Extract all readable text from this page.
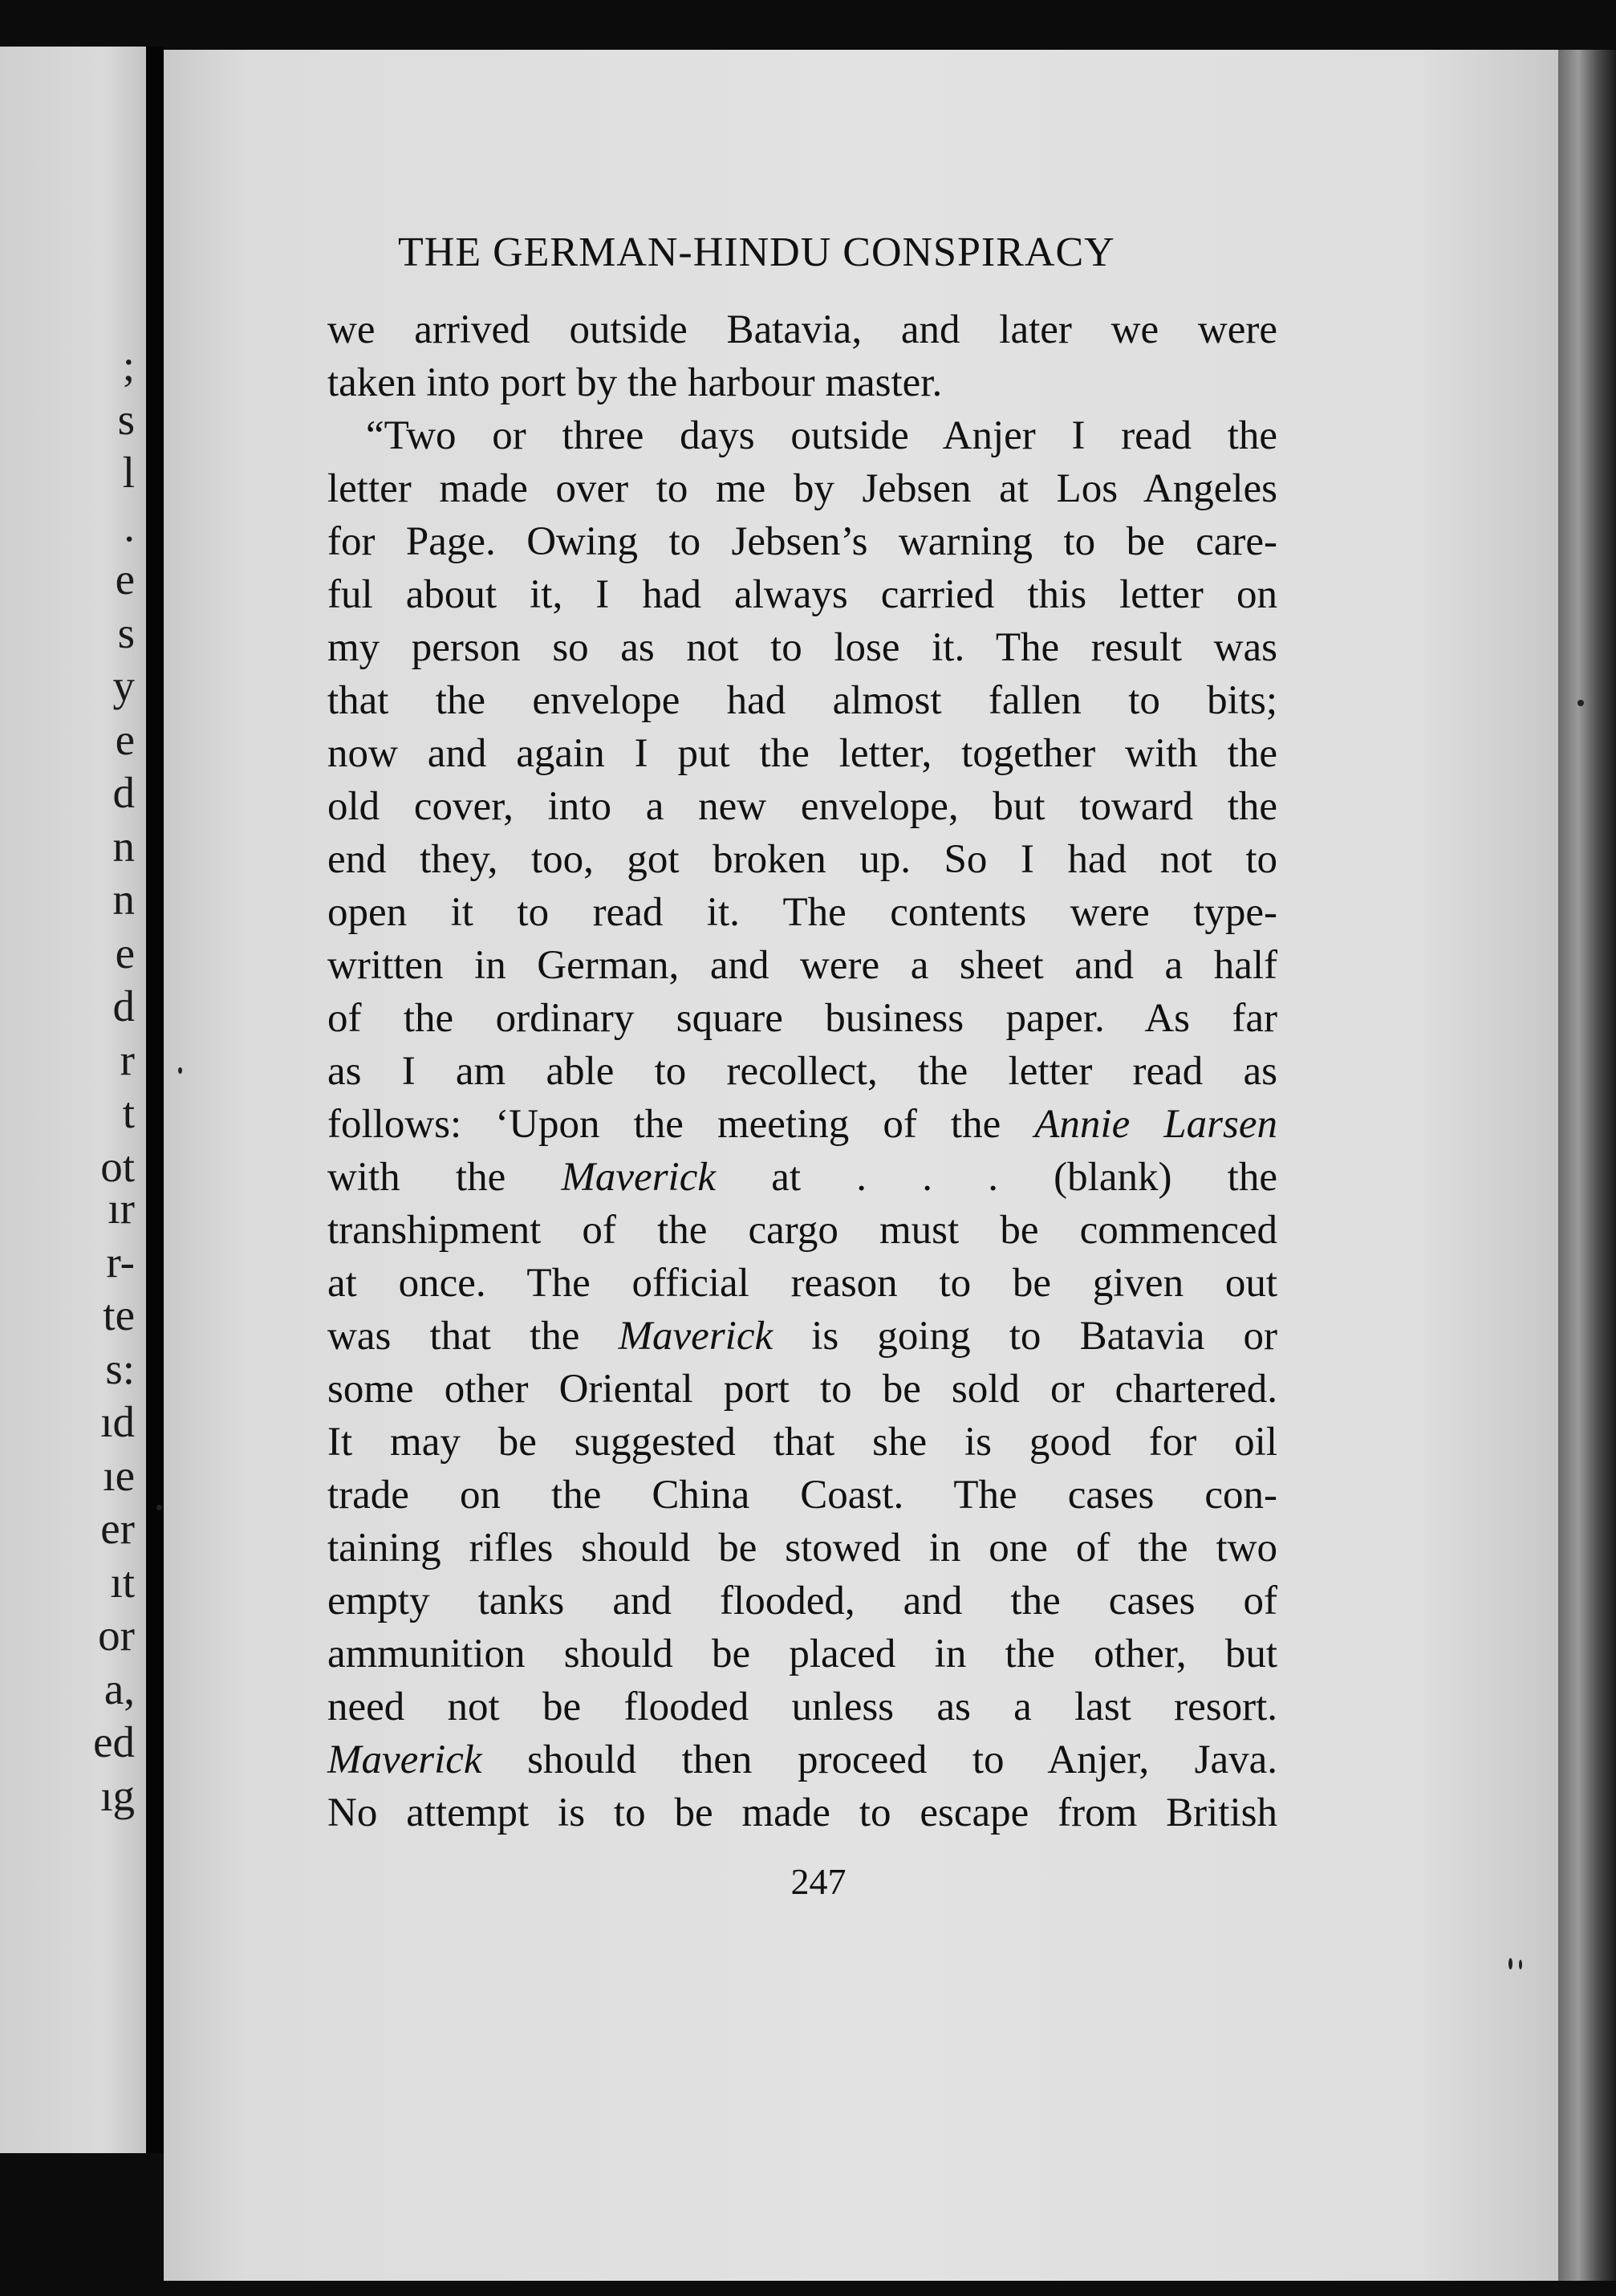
;
s
l
.
e
s
y
e
d
n
n
e
d
r
t
ot
ır
r-
te
s:
ıd
ıe
er
ıt
or
a,
ed
ıg
THE GERMAN-HINDU CONSPIRACY
we arrived outside Batavia, and later we were
taken into port by the harbour master.
“Two or three days outside Anjer I read the
letter made over to me by Jebsen at Los Angeles
for Page. Owing to Jebsen’s warning to be care-
ful about it, I had always carried this letter on
my person so as not to lose it. The result was
that the envelope had almost fallen to bits;
now and again I put the letter, together with the
old cover, into a new envelope, but toward the
end they, too, got broken up. So I had not to
open it to read it. The contents were type-
written in German, and were a sheet and a half
of the ordinary square business paper. As far
as I am able to recollect, the letter read as
follows: ‘Upon the meeting of the Annie Larsen
with the Maverick at . . . (blank) the
transhipment of the cargo must be commenced
at once. The official reason to be given out
was that the Maverick is going to Batavia or
some other Oriental port to be sold or chartered.
It may be suggested that she is good for oil
trade on the China Coast. The cases con-
taining rifles should be stowed in one of the two
empty tanks and flooded, and the cases of
ammunition should be placed in the other, but
need not be flooded unless as a last resort.
Maverick should then proceed to Anjer, Java.
No attempt is to be made to escape from British
247
